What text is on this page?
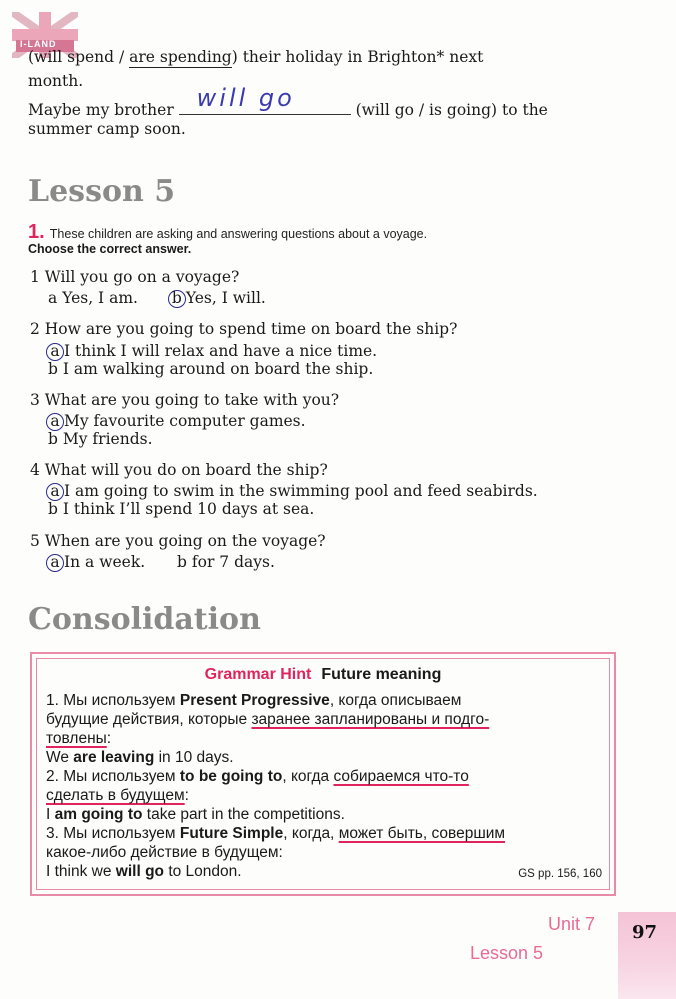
I-LAND
(will spend / are spending) their holiday in Brighton* next
month.
Maybe my brother will go	(will go / is going) to the
summer camp soon.
Lesson 5
1. These children are asking and answering questions about a voyage.
Choose the correct answer.
1 Will you go on a voyage?
a Yes, I am. b Yes, I will.
2 How are you going to spend time on board the ship?
a I think I will relax and have a nice time.
b I am walking around on board the ship.
3 What are you going to take with you?
a My favourite computer games.
b My friends.
4 What will you do on board the ship?
a I am going to swim in the swimming pool and feed seabirds.
b I think I’ll spend 10 days at sea.
5 When are you going on the voyage?
a In a week. b for 7 days.
Consolidation
Grammar Hint Future meaning
1. Мы используем Present Progressive, когда описываем
будущие действия, которые заранее запланированы и подго-
товлены:
We are leaving in 10 days.
2. Мы используем to be going to, когда собираемся что-то
сделать в будущем:
I am going to take part in the competitions.
3. Мы используем Future Simple, когда, может быть, совершим
какое-либо действие в будущем:
I think we will go to London.	GS pp. 156, 160
Unit 7
Lesson 5
97
